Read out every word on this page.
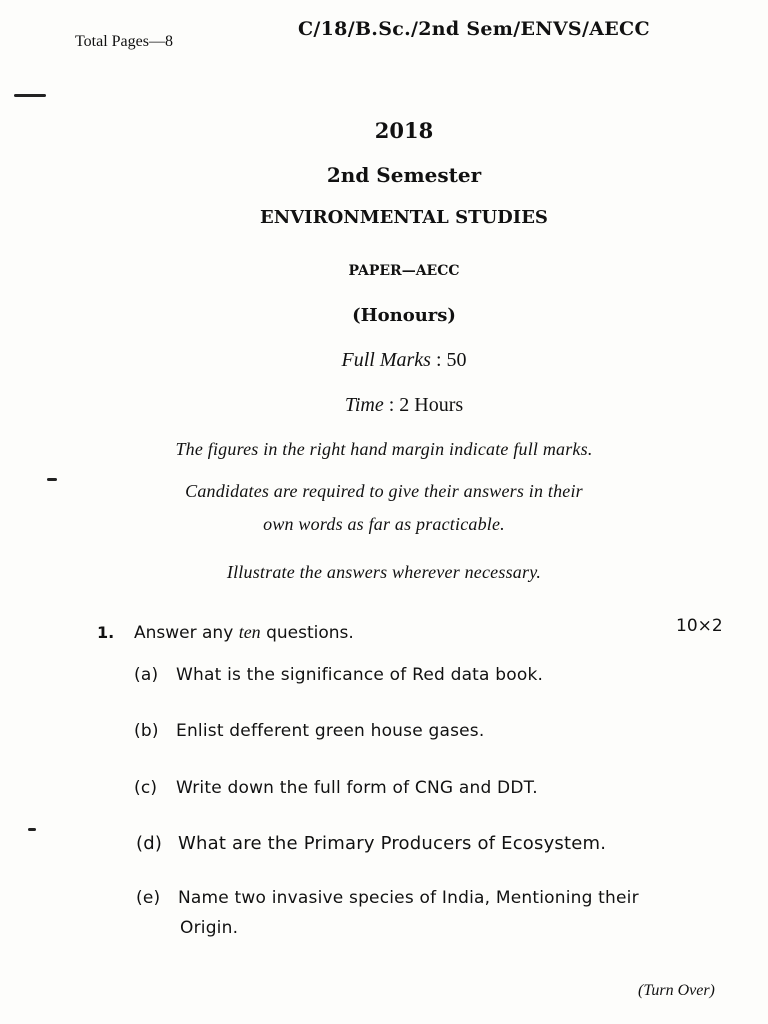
Total Pages—8
C/18/B.Sc./2nd Sem/ENVS/AECC
2018
2nd Semester
ENVIRONMENTAL STUDIES
PAPER—AECC
(Honours)
Full Marks : 50
Time : 2 Hours
The figures in the right hand margin indicate full marks.
Candidates are required to give their answers in their
own words as far as practicable.
Illustrate the answers wherever necessary.
1. Answer any ten questions.	10×2
(a) What is the significance of Red data book.
(b) Enlist defferent green house gases.
(c) Write down the full form of CNG and DDT.
(d) What are the Primary Producers of Ecosystem.
(e) Name two invasive species of India, Mentioning their
Origin.
(Turn Over)
